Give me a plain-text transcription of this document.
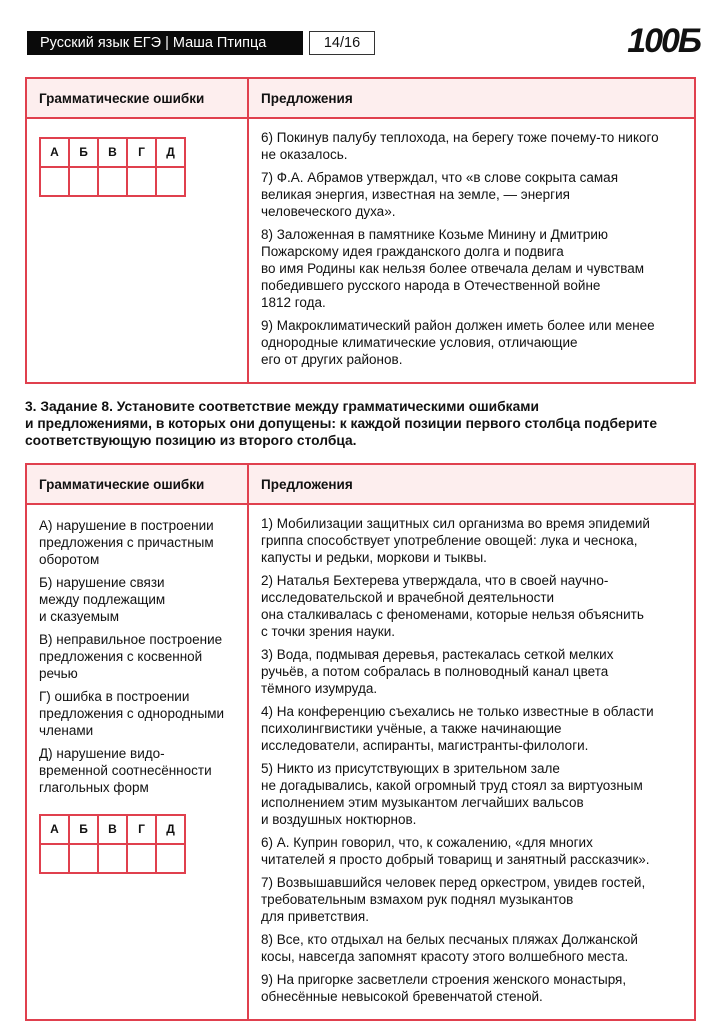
Русский язык ЕГЭ | Маша Птипца	14/16	100Б
Грамматические ошибки	Предложения

А	Б	В	Г	Д

6) Покинув палубу теплохода, на берегу тоже почему-то никого
не оказалось.
7) Ф.А. Абрамов утверждал, что «в слове сокрыта самая
великая энергия, известная на земле, — энергия
человеческого духа».
8) Заложенная в памятнике Козьме Минину и Дмитрию
Пожарскому идея гражданского долга и подвига
во имя Родины как нельзя более отвечала делам и чувствам
победившего русского народа в Отечественной войне
1812 года.
9) Макроклиматический район должен иметь более или менее
однородные климатические условия, отличающие
его от других районов.
3. Задание 8. Установите соответствие между грамматическими ошибками
и предложениями, в которых они допущены: к каждой позиции первого столбца подберите
соответствующую позицию из второго столбца.
Грамматические ошибки	Предложения

А) нарушение в построении
предложения с причастным
оборотом
Б) нарушение связи
между подлежащим
и сказуемым
В) неправильное построение
предложения с косвенной
речью
Г) ошибка в построении
предложения с однородными
членами
Д) нарушение видо-
временной соотнесённости
глагольных форм
А	Б	В	Г	Д

1) Мобилизации защитных сил организма во время эпидемий
гриппа способствует употребление овощей: лука и чеснока,
капусты и редьки, моркови и тыквы.
2) Наталья Бехтерева утверждала, что в своей научно-
исследовательской и врачебной деятельности
она сталкивалась с феноменами, которые нельзя объяснить
с точки зрения науки.
3) Вода, подмывая деревья, растекалась сеткой мелких
ручьёв, а потом собралась в полноводный канал цвета
тёмного изумруда.
4) На конференцию съехались не только известные в области
психолингвистики учёные, а также начинающие
исследователи, аспиранты, магистранты-филологи.
5) Никто из присутствующих в зрительном зале
не догадывались, какой огромный труд стоял за виртуозным
исполнением этим музыкантом легчайших вальсов
и воздушных ноктюрнов.
6) А. Куприн говорил, что, к сожалению, «для многих
читателей я просто добрый товарищ и занятный рассказчик».
7) Возвышавшийся человек перед оркестром, увидев гостей,
требовательным взмахом рук поднял музыкантов
для приветствия.
8) Все, кто отдыхал на белых песчаных пляжах Должанской
косы, навсегда запомнят красоту этого волшебного места.
9) На пригорке засветлели строения женского монастыря,
обнесённые невысокой бревенчатой стеной.
